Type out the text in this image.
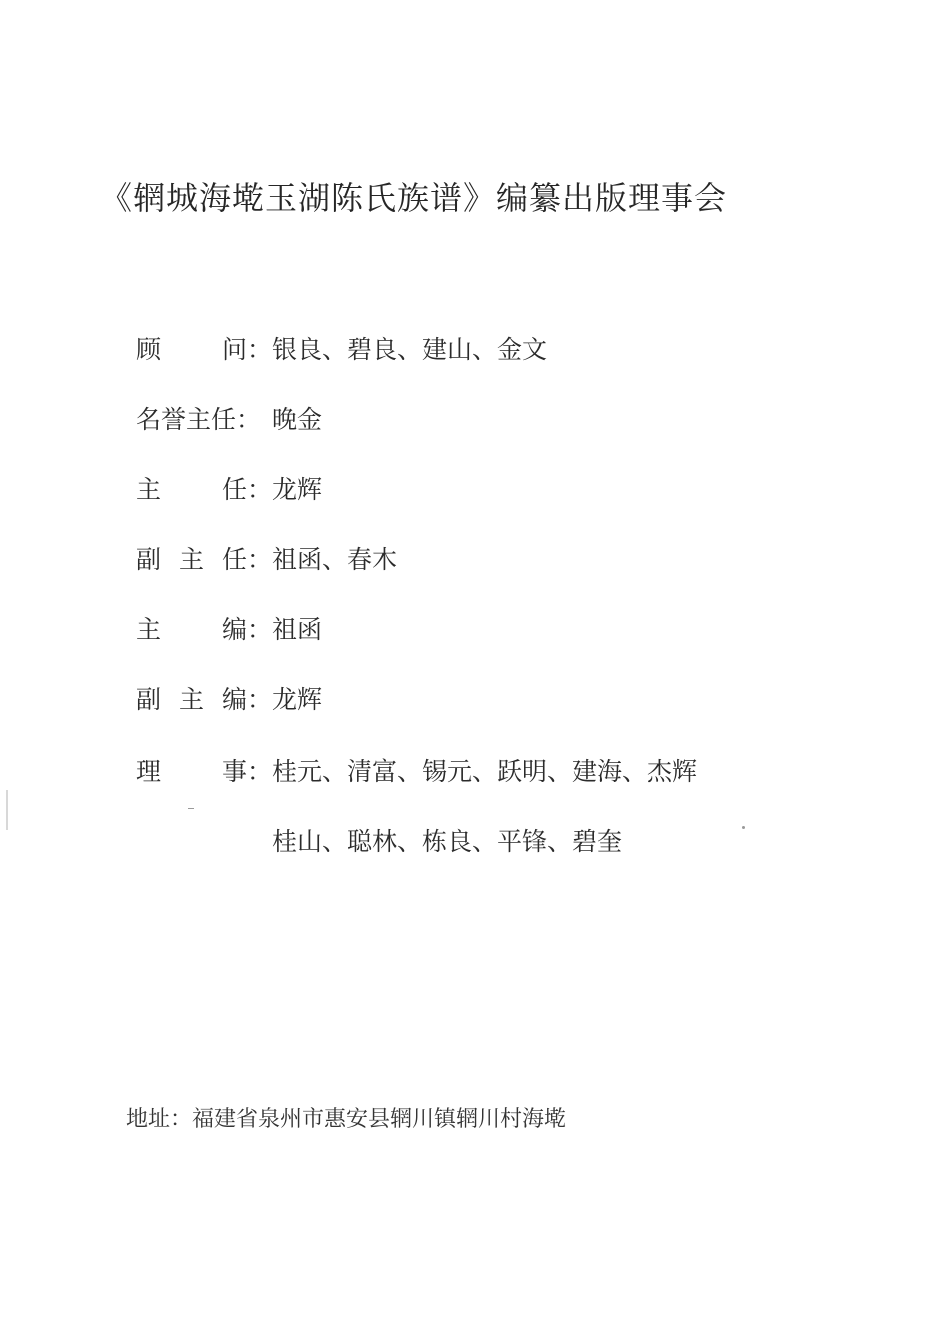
《辋城海墘玉湖陈氏族谱》编纂出版理事会
顾 问： 银良、碧良、建山、金文
名誉主任： 晚金
主 任： 龙辉
副 主 任： 祖函、春木
主 编： 祖函
副 主 编： 龙辉
理 事： 桂元、清富、锡元、跃明、建海、杰辉
桂山、聪林、栋良、平锋、碧奎
地址：福建省泉州市惠安县辋川镇辋川村海墘
